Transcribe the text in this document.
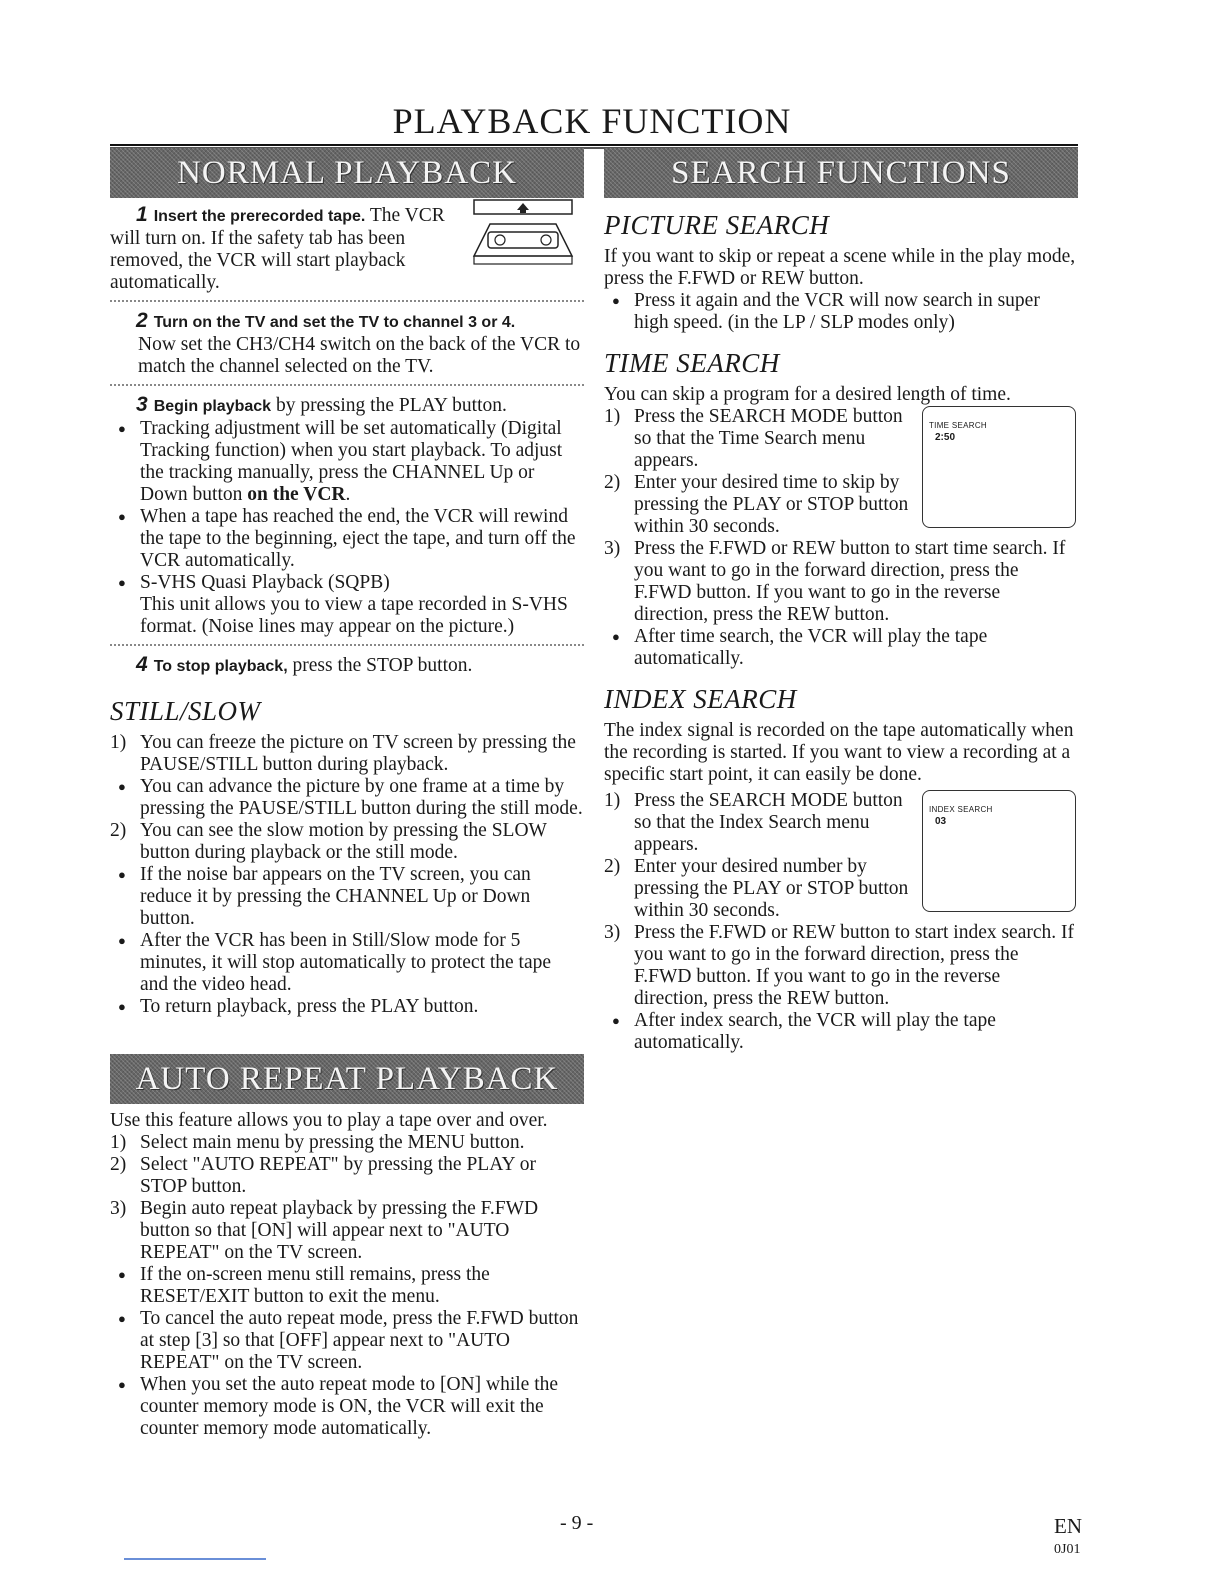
PLAYBACK FUNCTION
NORMAL PLAYBACK	SEARCH FUNCTIONS

1 Insert the prerecorded tape. The VCR will turn on. If the safety tab has been removed, the VCR will start playback automatically.

2 Turn on the TV and set the TV to channel 3 or 4.

Now set the CH3/CH4 switch on the back of the VCR to match the channel selected on the TV.

3 Begin playback by pressing the PLAY button.

● Tracking adjustment will be set automatically (Digital Tracking function) when you start playback. To adjust the tracking manually, press the CHANNEL Up or Down button on the VCR.

● When a tape has reached the end, the VCR will rewind the tape to the beginning, eject the tape, and turn off the VCR automatically.

● S-VHS Quasi Playback (SQPB)

This unit allows you to view a tape recorded in S-VHS format. (Noise lines may appear on the picture.)

4 To stop playback, press the STOP button.

STILL/SLOW

1) You can freeze the picture on TV screen by pressing the PAUSE/STILL button during playback.

● You can advance the picture by one frame at a time by pressing the PAUSE/STILL button during the still mode.

2) You can see the slow motion by pressing the SLOW button during playback or the still mode.

● If the noise bar appears on the TV screen, you can reduce it by pressing the CHANNEL Up or Down button.

● After the VCR has been in Still/Slow mode for 5 minutes, it will stop automatically to protect the tape and the video head.

● To return playback, press the PLAY button.

AUTO REPEAT PLAYBACK

Use this feature allows you to play a tape over and over.

1) Select main menu by pressing the MENU button.

2) Select "AUTO REPEAT" by pressing the PLAY or STOP button.

3) Begin auto repeat playback by pressing the F.FWD button so that [ON] will appear next to "AUTO REPEAT" on the TV screen.

● If the on-screen menu still remains, press the RESET/EXIT button to exit the menu.

● To cancel the auto repeat mode, press the F.FWD button at step [3] so that [OFF] appear next to "AUTO REPEAT" on the TV screen.

● When you set the auto repeat mode to [ON] while the counter memory mode is ON, the VCR will exit the counter memory mode automatically.

PICTURE SEARCH

If you want to skip or repeat a scene while in the play mode, press the F.FWD or REW button.

● Press it again and the VCR will now search in super high speed. (in the LP / SLP modes only)

TIME SEARCH

You can skip a program for a desired length of time.

TIME SEARCH
2:50

1) Press the SEARCH MODE button so that the Time Search menu appears.

2) Enter your desired time to skip by pressing the PLAY or STOP button within 30 seconds.

3) Press the F.FWD or REW button to start time search. If you want to go in the forward direction, press the F.FWD button. If you want to go in the reverse direction, press the REW button.

● After time search, the VCR will play the tape automatically.

INDEX SEARCH

The index signal is recorded on the tape automatically when the recording is started. If you want to view a recording at a specific start point, it can easily be done.

INDEX SEARCH
03

1) Press the SEARCH MODE button so that the Index Search menu appears.

2) Enter your desired number by pressing the PLAY or STOP button within 30 seconds.

3) Press the F.FWD or REW button to start index search. If you want to go in the forward direction, press the F.FWD button. If you want to go in the reverse direction, press the REW button.

● After index search, the VCR will play the tape automatically.

- 9 -	EN
0J01
